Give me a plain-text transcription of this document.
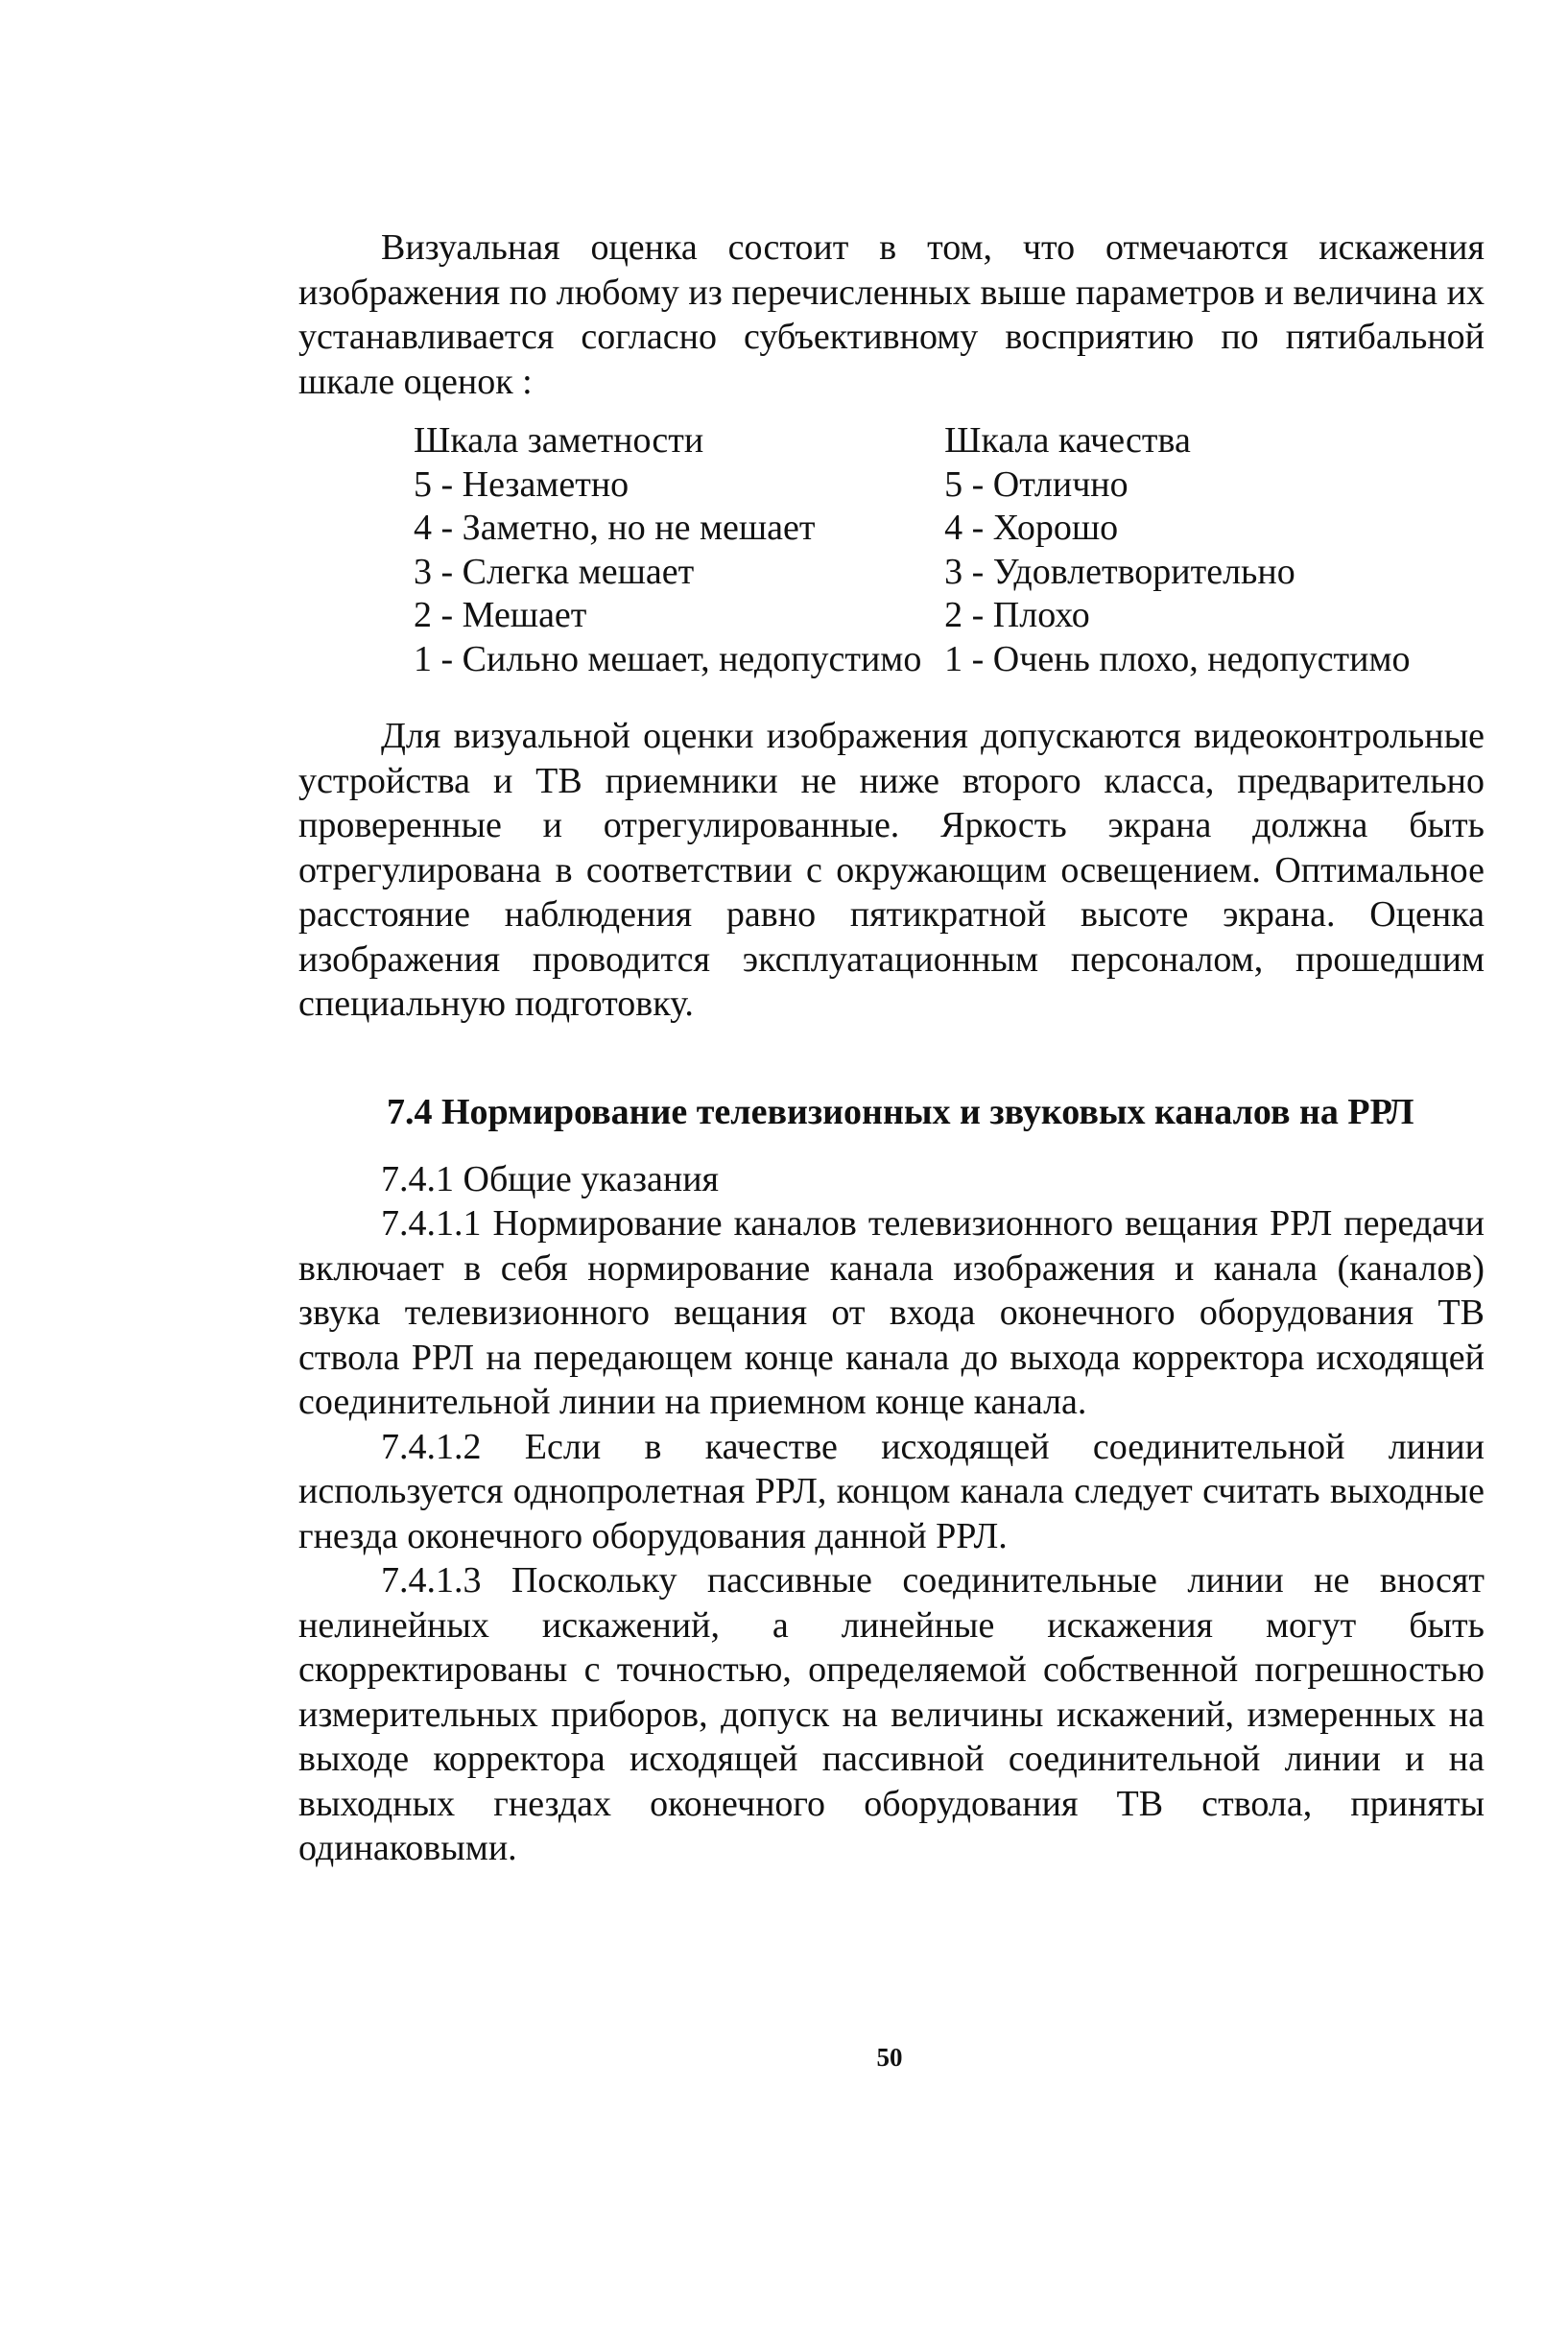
Визуальная оценка состоит в том, что отмечаются искажения изображения по любому из перечисленных выше параметров и величина их устанавливается согласно субъективному восприятию по пятибальной шкале оценок :

Шкала заметности
5 - Незаметно
4 - Заметно, но не мешает
3 - Слегка мешает
2 - Мешает
1 - Сильно мешает, недопустимо
Шкала качества
5 - Отлично
4 - Хорошо
3 - Удовлетворительно
2 - Плохо
1 - Очень плохо, недопустимо

Для визуальной оценки изображения допускаются видеоконтрольные устройства и ТВ приемники не ниже второго класса, предварительно проверенные и отрегулированные. Яркость экрана должна быть отрегулирована в соответствии с окружающим освещением. Оптимальное расстояние наблюдения равно пятикратной высоте экрана. Оценка изображения проводится эксплуатационным персоналом, прошедшим специальную подготовку.

7.4 Нормирование телевизионных и звуковых каналов на РРЛ

7.4.1 Общие указания

7.4.1.1 Нормирование каналов телевизионного вещания РРЛ передачи включает в себя нормирование канала изображения и канала (каналов) звука телевизионного вещания от входа оконечного оборудования ТВ ствола РРЛ на передающем конце канала до выхода корректора исходящей соединительной линии на приемном конце канала.

7.4.1.2 Если в качестве исходящей соединительной линии используется однопролетная РРЛ, концом канала следует считать выходные гнезда оконечного оборудования данной РРЛ.

7.4.1.3 Поскольку пассивные соединительные линии не вносят нелинейных искажений, а линейные искажения могут быть скорректированы с точностью, определяемой собственной погрешностью измерительных приборов, допуск на величины искажений, измеренных на выходе корректора исходящей пассивной соединительной линии и на выходных гнездах оконечного оборудования ТВ ствола, приняты одинаковыми.

50
